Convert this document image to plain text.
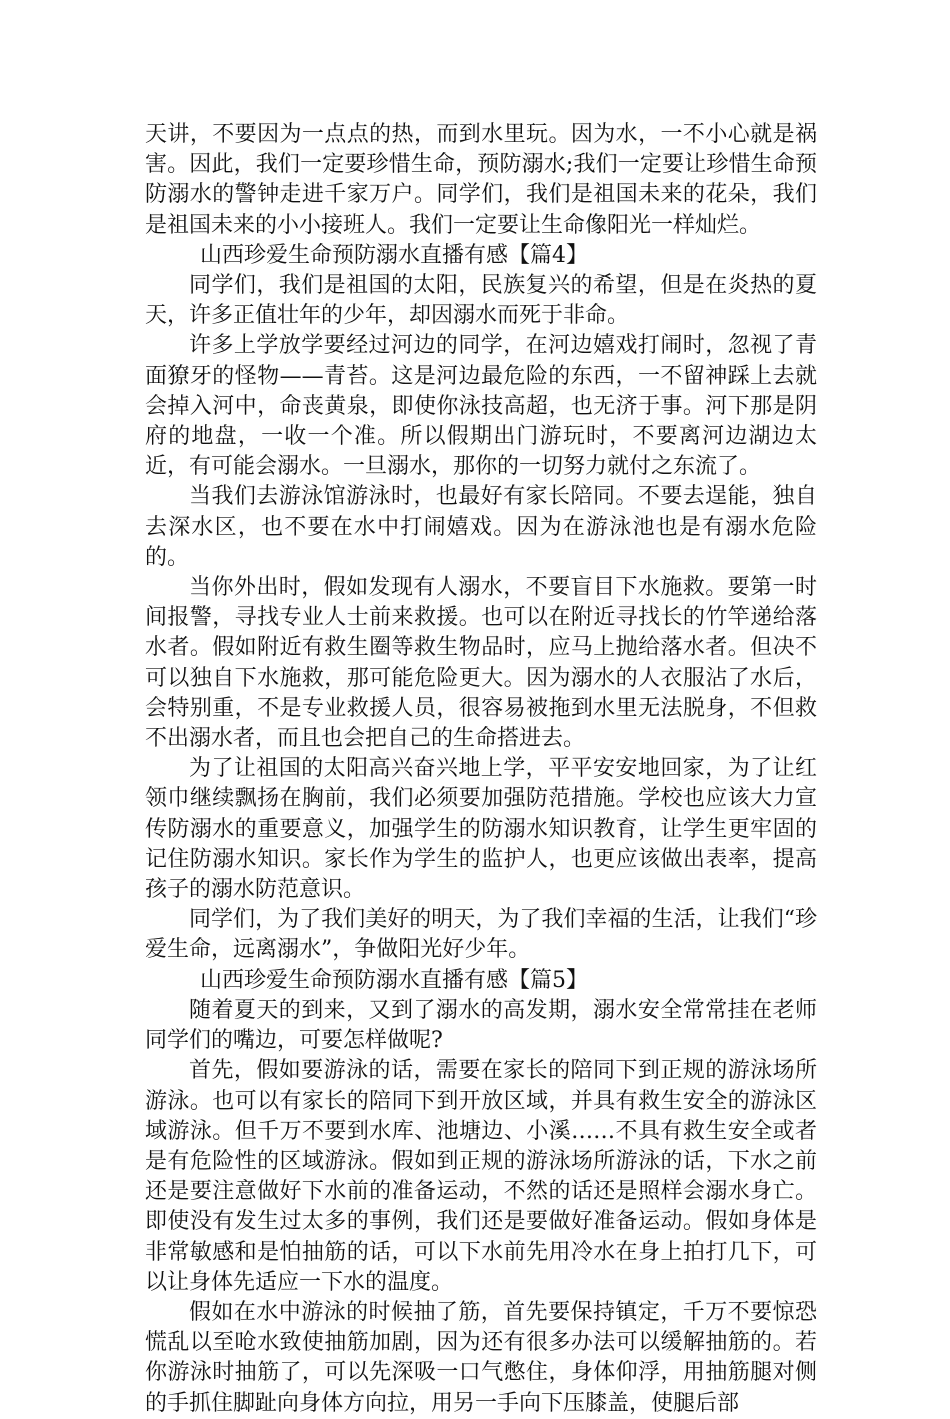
天讲，不要因为一点点的热，而到水里玩。因为水，一不小心就是祸害。因此，我们一定要珍惜生命，预防溺水;我们一定要让珍惜生命预防溺水的警钟走进千家万户。同学们，我们是祖国未来的花朵，我们是祖国未来的小小接班人。我们一定要让生命像阳光一样灿烂。

山西珍爱生命预防溺水直播有感【篇4】

同学们，我们是祖国的太阳，民族复兴的希望，但是在炎热的夏天，许多正值壮年的少年，却因溺水而死于非命。

许多上学放学要经过河边的同学，在河边嬉戏打闹时，忽视了青面獠牙的怪物——青苔。这是河边最危险的东西，一不留神踩上去就会掉入河中，命丧黄泉，即使你泳技高超，也无济于事。河下那是阴府的地盘，一收一个准。所以假期出门游玩时，不要离河边湖边太近，有可能会溺水。一旦溺水，那你的一切努力就付之东流了。

当我们去游泳馆游泳时，也最好有家长陪同。不要去逞能，独自去深水区，也不要在水中打闹嬉戏。因为在游泳池也是有溺水危险的。

当你外出时，假如发现有人溺水，不要盲目下水施救。要第一时间报警，寻找专业人士前来救援。也可以在附近寻找长的竹竿递给落水者。假如附近有救生圈等救生物品时，应马上抛给落水者。但决不可以独自下水施救，那可能危险更大。因为溺水的人衣服沾了水后，会特别重，不是专业救援人员，很容易被拖到水里无法脱身，不但救不出溺水者，而且也会把自己的生命搭进去。

为了让祖国的太阳高兴奋兴地上学，平平安安地回家，为了让红领巾继续飘扬在胸前，我们必须要加强防范措施。学校也应该大力宣传防溺水的重要意义，加强学生的防溺水知识教育，让学生更牢固的记住防溺水知识。家长作为学生的监护人，也更应该做出表率，提高孩子的溺水防范意识。

同学们，为了我们美好的明天，为了我们幸福的生活，让我们“珍爱生命，远离溺水”，争做阳光好少年。

山西珍爱生命预防溺水直播有感【篇5】

随着夏天的到来，又到了溺水的高发期，溺水安全常常挂在老师同学们的嘴边，可要怎样做呢?

首先，假如要游泳的话，需要在家长的陪同下到正规的游泳场所游泳。也可以有家长的陪同下到开放区域，并具有救生安全的游泳区域游泳。但千万不要到水库、池塘边、小溪……不具有救生安全或者是有危险性的区域游泳。假如到正规的游泳场所游泳的话，下水之前还是要注意做好下水前的准备运动，不然的话还是照样会溺水身亡。即使没有发生过太多的事例，我们还是要做好准备运动。假如身体是非常敏感和是怕抽筋的话，可以下水前先用冷水在身上拍打几下，可以让身体先适应一下水的温度。

假如在水中游泳的时候抽了筋，首先要保持镇定，千万不要惊恐慌乱以至呛水致使抽筋加剧，因为还有很多办法可以缓解抽筋的。若你游泳时抽筋了，可以先深吸一口气憋住，身体仰浮，用抽筋腿对侧的手抓住脚趾向身体方向拉，用另一手向下压膝盖，使腿后部
